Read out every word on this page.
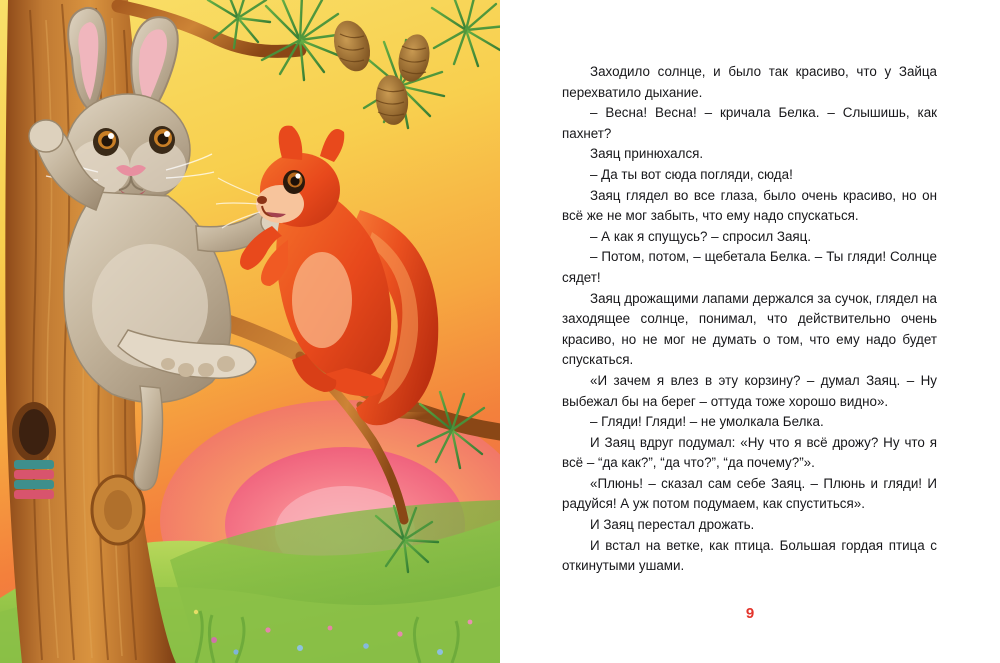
Заходило солнце, и было так красиво, что у Зайца перехватило дыхание.

– Весна! Весна! – кричала Белка. – Слышишь, как пахнет?

Заяц принюхался.

– Да ты вот сюда погляди, сюда!

Заяц глядел во все глаза, было очень красиво, но он всё же не мог забыть, что ему надо спускаться.

– А как я спущусь? – спросил Заяц.

– Потом, потом, – щебетала Белка. – Ты гляди! Солнце сядет!

Заяц дрожащими лапами держался за сучок, глядел на заходящее солнце, понимал, что действительно очень красиво, но не мог не думать о том, что ему надо будет спускаться.

«И зачем я влез в эту корзину? – думал Заяц. – Ну выбежал бы на берег – оттуда тоже хорошо видно».

– Гляди! Гляди! – не умолкала Белка.

И Заяц вдруг подумал: «Ну что я всё дрожу? Ну что я всё – “да как?”, “да что?”, “да почему?”».

«Плюнь! – сказал сам себе Заяц. – Плюнь и гляди! И радуйся! А уж потом подумаем, как спуститься».

И Заяц перестал дрожать.

И встал на ветке, как птица. Большая гордая птица с откинутыми ушами.

9
